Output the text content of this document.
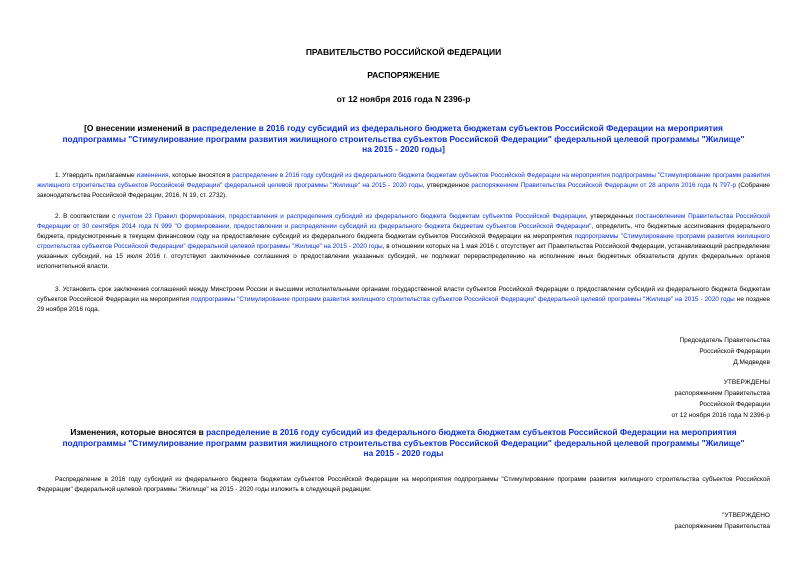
ПРАВИТЕЛЬСТВО РОССИЙСКОЙ ФЕДЕРАЦИИ
РАСПОРЯЖЕНИЕ
от 12 ноября 2016 года N 2396-р
[О внесении изменений в распределение в 2016 году субсидий из федерального бюджета бюджетам субъектов Российской Федерации на мероприятия
подпрограммы "Стимулирование программ развития жилищного строительства субъектов Российской Федерации" федеральной целевой программы "Жилище"
на 2015 - 2020 годы]
1. Утвердить прилагаемые изменения, которые вносятся в распределение в 2016 году субсидий из федерального бюджета бюджетам субъектов Российской Федерации на мероприятия подпрограммы "Стимулирование программ развития жилищного строительства субъектов Российской Федерации" федеральной целевой программы "Жилище" на 2015 - 2020 годы, утвержденное распоряжением Правительства Российской Федерации от 28 апреля 2016 года N 797-р (Собрание законодательства Российской Федерации, 2016, N 19, ст. 2732).
2. В соответствии с пунктом 23 Правил формирования, предоставления и распределения субсидий из федерального бюджета бюджетам субъектов Российской Федерации, утвержденных постановлением Правительства Российской Федерации от 30 сентября 2014 года N 999 "О формировании, предоставлении и распределении субсидий из федерального бюджета бюджетам субъектов Российской Федерации", определить, что бюджетные ассигнования федерального бюджета, предусмотренные в текущем финансовом году на предоставление субсидий из федерального бюджета бюджетам субъектов Российской Федерации на мероприятия подпрограммы "Стимулирование программ развития жилищного строительства субъектов Российской Федерации" федеральной целевой программы "Жилище" на 2015 - 2020 годы, в отношении которых на 1 мая 2016 г. отсутствует акт Правительства Российской Федерации, устанавливающий распределение указанных субсидий, на 15 июля 2016 г. отсутствуют заключенные соглашения о предоставлении указанных субсидий, не подлежат перераспределению на исполнение иных бюджетных обязательств других федеральных органов исполнительной власти.
3. Установить срок заключения соглашений между Минстроем России и высшими исполнительными органами государственной власти субъектов Российской Федерации о предоставлении субсидий из федерального бюджета бюджетам субъектов Российской Федерации на мероприятия подпрограммы "Стимулирование программ развития жилищного строительства субъектов Российской Федерации" федеральной целевой программы "Жилище" на 2015 - 2020 годы не позднее 29 ноября 2016 года.
Председатель Правительства
Российской Федерации
Д.Медведев
УТВЕРЖДЕНЫ
распоряжением Правительства
Российской Федерации
от 12 ноября 2016 года N 2396-р
Изменения, которые вносятся в распределение в 2016 году субсидий из федерального бюджета бюджетам субъектов Российской Федерации на мероприятия
подпрограммы "Стимулирование программ развития жилищного строительства субъектов Российской Федерации" федеральной целевой программы "Жилище"
на 2015 - 2020 годы
Распределение в 2016 году субсидий из федерального бюджета бюджетам субъектов Российской Федерации на мероприятия подпрограммы "Стимулирование программ развития жилищного строительства субъектов Российской Федерации" федеральной целевой программы "Жилище" на 2015 - 2020 годы изложить в следующей редакции:
"УТВЕРЖДЕНО
распоряжением Правительства
